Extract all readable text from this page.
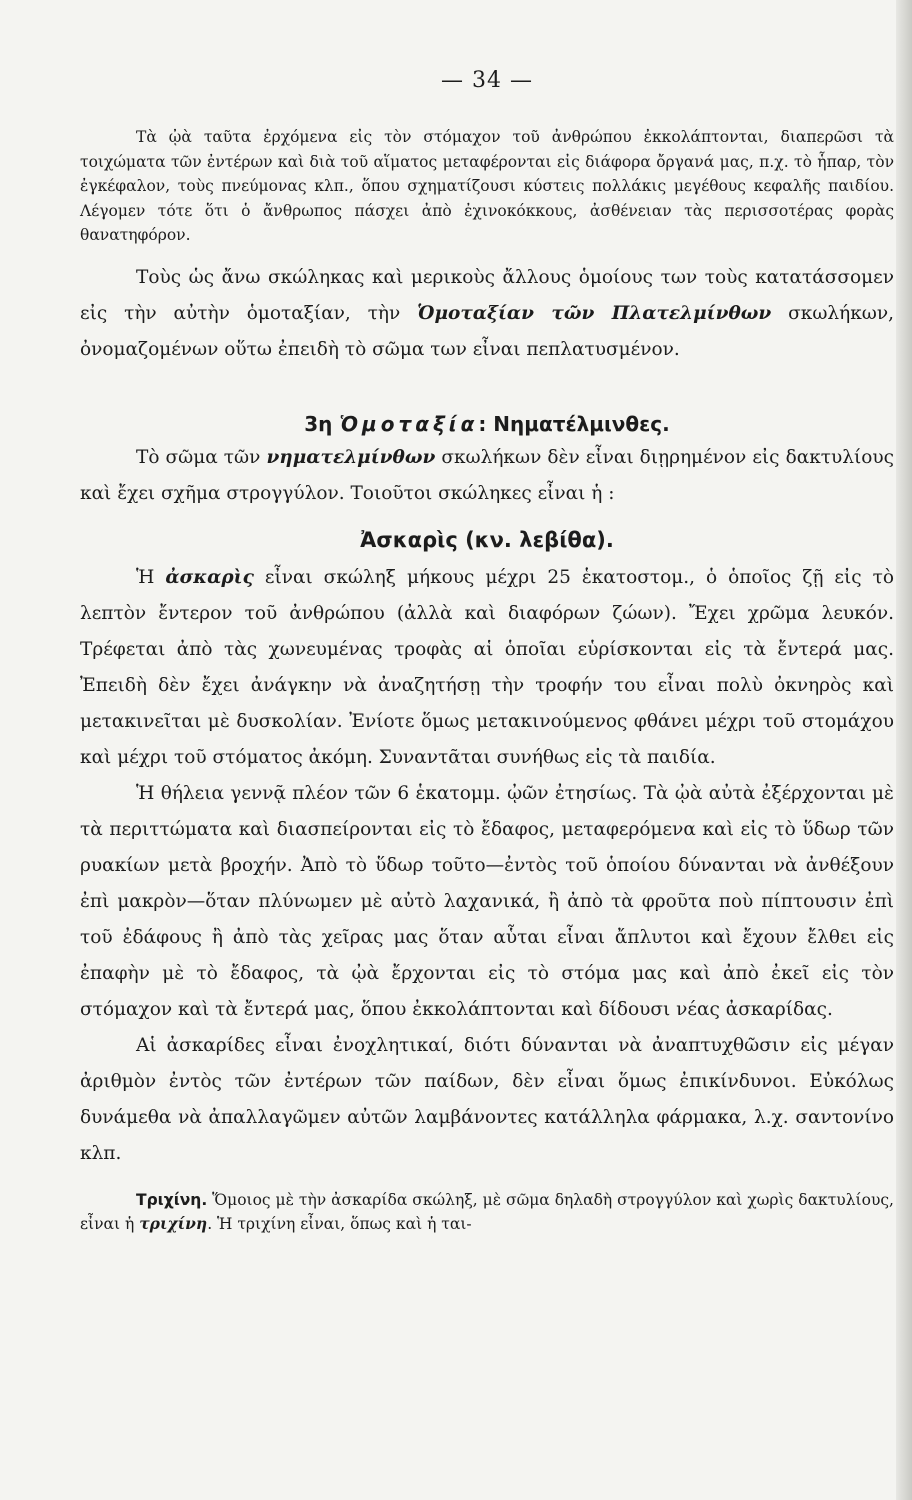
— 34 —

Τὰ ᾠὰ ταῦτα ἐρχόμενα εἰς τὸν στόμαχον τοῦ ἀνθρώπου ἐκκολάπτονται, διαπερῶσι τὰ τοιχώματα τῶν ἐντέρων καὶ διὰ τοῦ αἵματος μεταφέρονται εἰς διάφορα ὄργανά μας, π.χ. τὸ ἧπαρ, τὸν ἐγκέφαλον, τοὺς πνεύμονας κλπ., ὅπου σχηματίζουσι κύστεις πολλάκις μεγέθους κεφαλῆς παιδίου. Λέγομεν τότε ὅτι ὁ ἄνθρωπος πάσχει ἀπὸ ἐχινοκόκκους, ἀσθένειαν τὰς περισσοτέρας φορὰς θανατηφόρον.

Τοὺς ὡς ἄνω σκώληκας καὶ μερικοὺς ἄλλους ὁμοίους των τοὺς κατατάσσομεν εἰς τὴν αὐτὴν ὁμοταξίαν, τὴν Ὁμοταξίαν τῶν Πλατελμίνθων σκωλήκων, ὀνομαζομένων οὕτω ἐπειδὴ τὸ σῶμα των εἶναι πεπλατυσμένον.

3η Ὁμοταξία: Νηματέλμινθες.

Τὸ σῶμα τῶν νηματελμίνθων σκωλήκων δὲν εἶναι διῃρημένον εἰς δακτυλίους καὶ ἔχει σχῆμα στρογγύλον. Τοιοῦτοι σκώληκες εἶναι ἡ :

Ἀσκαρὶς (κν. λεβίθα).

Ἡ ἀσκαρὶς εἶναι σκώληξ μήκους μέχρι 25 ἑκατοστομ., ὁ ὁποῖος ζῇ εἰς τὸ λεπτὸν ἔντερον τοῦ ἀνθρώπου (ἀλλὰ καὶ διαφόρων ζώων). Ἔχει χρῶμα λευκόν. Τρέφεται ἀπὸ τὰς χωνευμένας τροφὰς αἱ ὁποῖαι εὑρίσκονται εἰς τὰ ἔντερά μας. Ἐπειδὴ δὲν ἔχει ἀνάγκην νὰ ἀναζητήσῃ τὴν τροφήν του εἶναι πολὺ ὀκνηρὸς καὶ μετακινεῖται μὲ δυσκολίαν. Ἐνίοτε ὅμως μετακινούμενος φθάνει μέχρι τοῦ στομάχου καὶ μέχρι τοῦ στόματος ἀκόμη. Συναντᾶται συνήθως εἰς τὰ παιδία.

Ἡ θήλεια γεννᾷ πλέον τῶν 6 ἑκατομμ. ᾠῶν ἐτησίως. Τὰ ᾠὰ αὐτὰ ἐξέρχονται μὲ τὰ περιττώματα καὶ διασπείρονται εἰς τὸ ἔδαφος, μεταφερόμενα καὶ εἰς τὸ ὕδωρ τῶν ρυακίων μετὰ βροχήν. Ἀπὸ τὸ ὕδωρ τοῦτο—ἐντὸς τοῦ ὁποίου δύνανται νὰ ἀνθέξουν ἐπὶ μακρὸν—ὅταν πλύνωμεν μὲ αὐτὸ λαχανικά, ἢ ἀπὸ τὰ φροῦτα ποὺ πίπτουσιν ἐπὶ τοῦ ἐδάφους ἢ ἀπὸ τὰς χεῖρας μας ὅταν αὗται εἶναι ἄπλυτοι καὶ ἔχουν ἔλθει εἰς ἐπαφὴν μὲ τὸ ἔδαφος, τὰ ᾠὰ ἔρχονται εἰς τὸ στόμα μας καὶ ἀπὸ ἐκεῖ εἰς τὸν στόμαχον καὶ τὰ ἔντερά μας, ὅπου ἐκκολάπτονται καὶ δίδουσι νέας ἀσκαρίδας.

Αἱ ἀσκαρίδες εἶναι ἐνοχλητικαί, διότι δύνανται νὰ ἀναπτυχθῶσιν εἰς μέγαν ἀριθμὸν ἐντὸς τῶν ἐντέρων τῶν παίδων, δὲν εἶναι ὅμως ἐπικίνδυνοι. Εὐκόλως δυνάμεθα νὰ ἀπαλλαγῶμεν αὐτῶν λαμβάνοντες κατάλληλα φάρμακα, λ.χ. σαντονίνο κλπ.

Τριχίνη. Ὅμοιος μὲ τὴν ἀσκαρίδα σκώληξ, μὲ σῶμα δηλαδὴ στρογγύλον καὶ χωρὶς δακτυλίους, εἶναι ἡ τριχίνη. Ἡ τριχίνη εἶναι, ὅπως καὶ ἡ ται-
